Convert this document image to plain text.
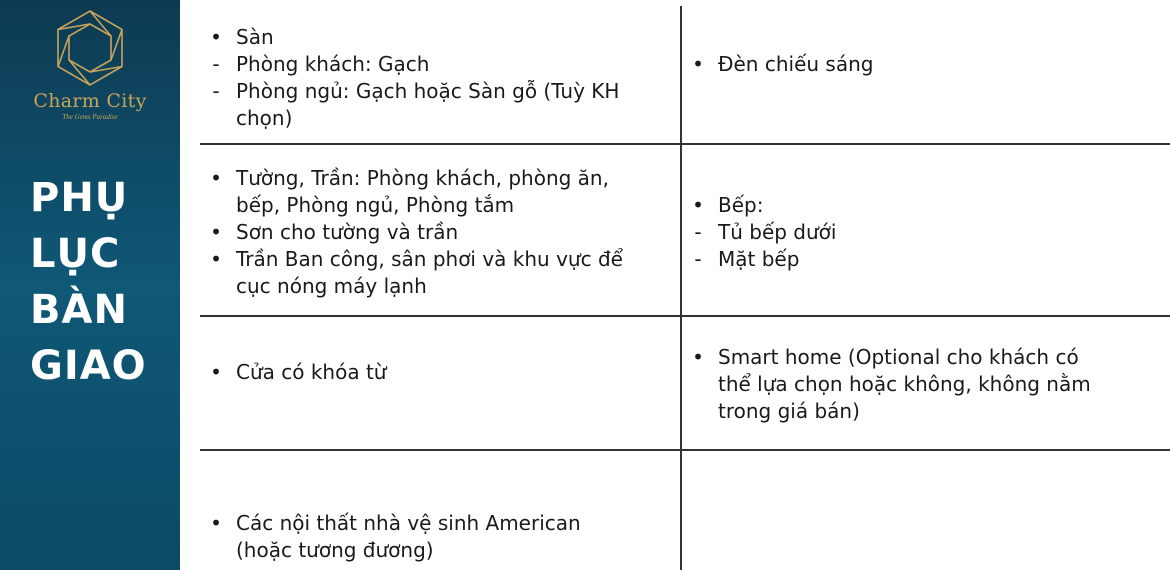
Charm City
The Gems Paradise
PHỤ
LỤC
BÀN
GIAO
• Sàn
- Phòng khách: Gạch
- Phòng ngủ: Gạch hoặc Sàn gỗ (Tuỳ KH
chọn)
• Đèn chiếu sáng
• Tường, Trần: Phòng khách, phòng ăn,
bếp, Phòng ngủ, Phòng tắm
• Sơn cho tường và trần
• Trần Ban công, sân phơi và khu vực để
cục nóng máy lạnh
• Bếp:
- Tủ bếp dưới
- Mặt bếp
• Cửa có khóa từ
• Smart home (Optional cho khách có
thể lựa chọn hoặc không, không nằm
trong giá bán)
• Các nội thất nhà vệ sinh American
(hoặc tương đương)
